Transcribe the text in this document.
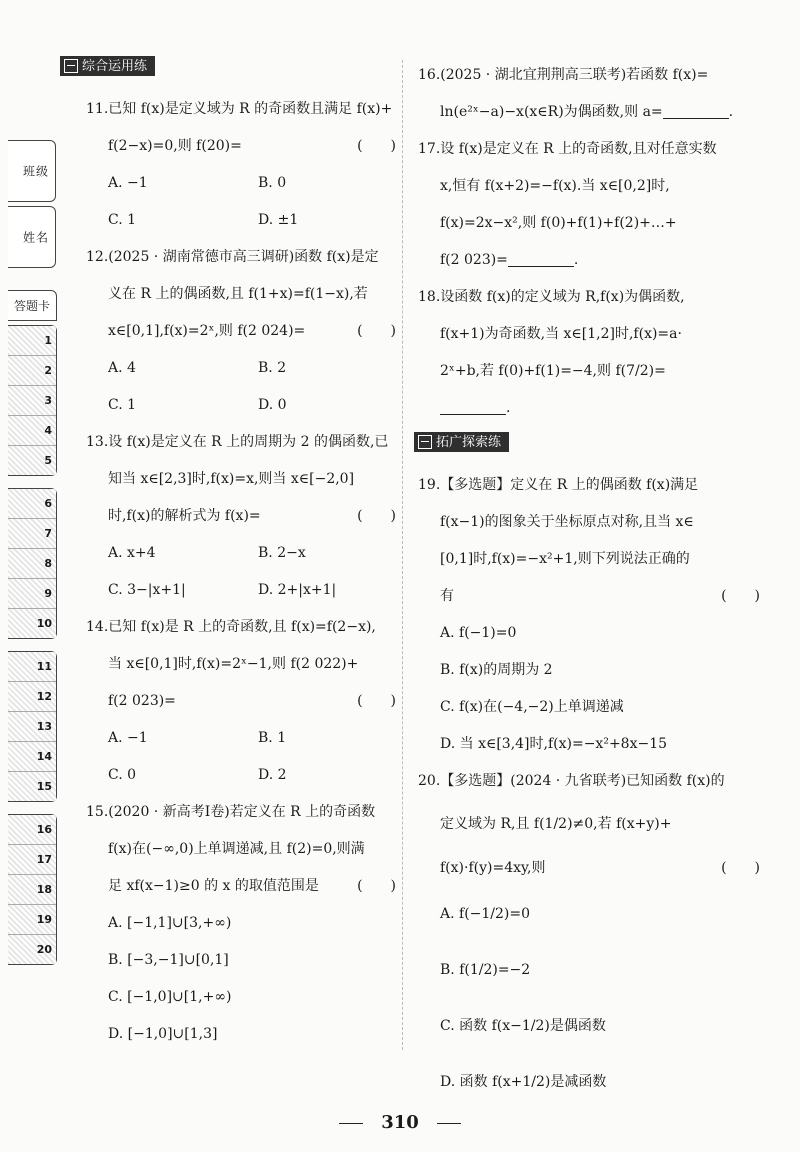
班级
姓名
答题卡
1
2
3
4
5
6
7
8
9
10
11
12
13
14
15
16
17
18
19
20
综合运用练
11.已知 f(x)是定义域为 R 的奇函数且满足 f(x)+
f(2−x)=0,则 f(20)=	(　　)
A. −1	B. 0
C. 1	D. ±1
12.(2025 · 湖南常德市高三调研)函数 f(x)是定
义在 R 上的偶函数,且 f(1+x)=f(1−x),若
x∈[0,1],f(x)=2ˣ,则 f(2 024)=	(　　)
A. 4	B. 2
C. 1	D. 0
13.设 f(x)是定义在 R 上的周期为 2 的偶函数,已
知当 x∈[2,3]时,f(x)=x,则当 x∈[−2,0]
时,f(x)的解析式为 f(x)=	(　　)
A. x+4	B. 2−x
C. 3−|x+1|	D. 2+|x+1|
14.已知 f(x)是 R 上的奇函数,且 f(x)=f(2−x),
当 x∈[0,1]时,f(x)=2ˣ−1,则 f(2 022)+
f(2 023)=	(　　)
A. −1	B. 1
C. 0	D. 2
15.(2020 · 新高考Ⅰ卷)若定义在 R 上的奇函数
f(x)在(−∞,0)上单调递减,且 f(2)=0,则满
足 xf(x−1)≥0 的 x 的取值范围是	(　　)
A. [−1,1]∪[3,+∞)
B. [−3,−1]∪[0,1]
C. [−1,0]∪[1,+∞)
D. [−1,0]∪[1,3]
16.(2025 · 湖北宜荆荆高三联考)若函数 f(x)=
ln(e²ˣ−a)−x(x∈R)为偶函数,则 a=	.
17.设 f(x)是定义在 R 上的奇函数,且对任意实数
x,恒有 f(x+2)=−f(x).当 x∈[0,2]时,
f(x)=2x−x²,则 f(0)+f(1)+f(2)+…+
f(2 023)=	.
18.设函数 f(x)的定义域为 R,f(x)为偶函数,
f(x+1)为奇函数,当 x∈[1,2]时,f(x)=a·
2ˣ+b,若 f(0)+f(1)=−4,则 f(7/2)=
.
拓广探索练
19.【多选题】定义在 R 上的偶函数 f(x)满足
f(x−1)的图象关于坐标原点对称,且当 x∈
[0,1]时,f(x)=−x²+1,则下列说法正确的
有	(　　)
A. f(−1)=0
B. f(x)的周期为 2
C. f(x)在(−4,−2)上单调递减
D. 当 x∈[3,4]时,f(x)=−x²+8x−15
20.【多选题】(2024 · 九省联考)已知函数 f(x)的
定义域为 R,且 f(1/2)≠0,若 f(x+y)+
f(x)·f(y)=4xy,则	(　　)
A. f(−1/2)=0
B. f(1/2)=−2
C. 函数 f(x−1/2)是偶函数
D. 函数 f(x+1/2)是减函数
310
